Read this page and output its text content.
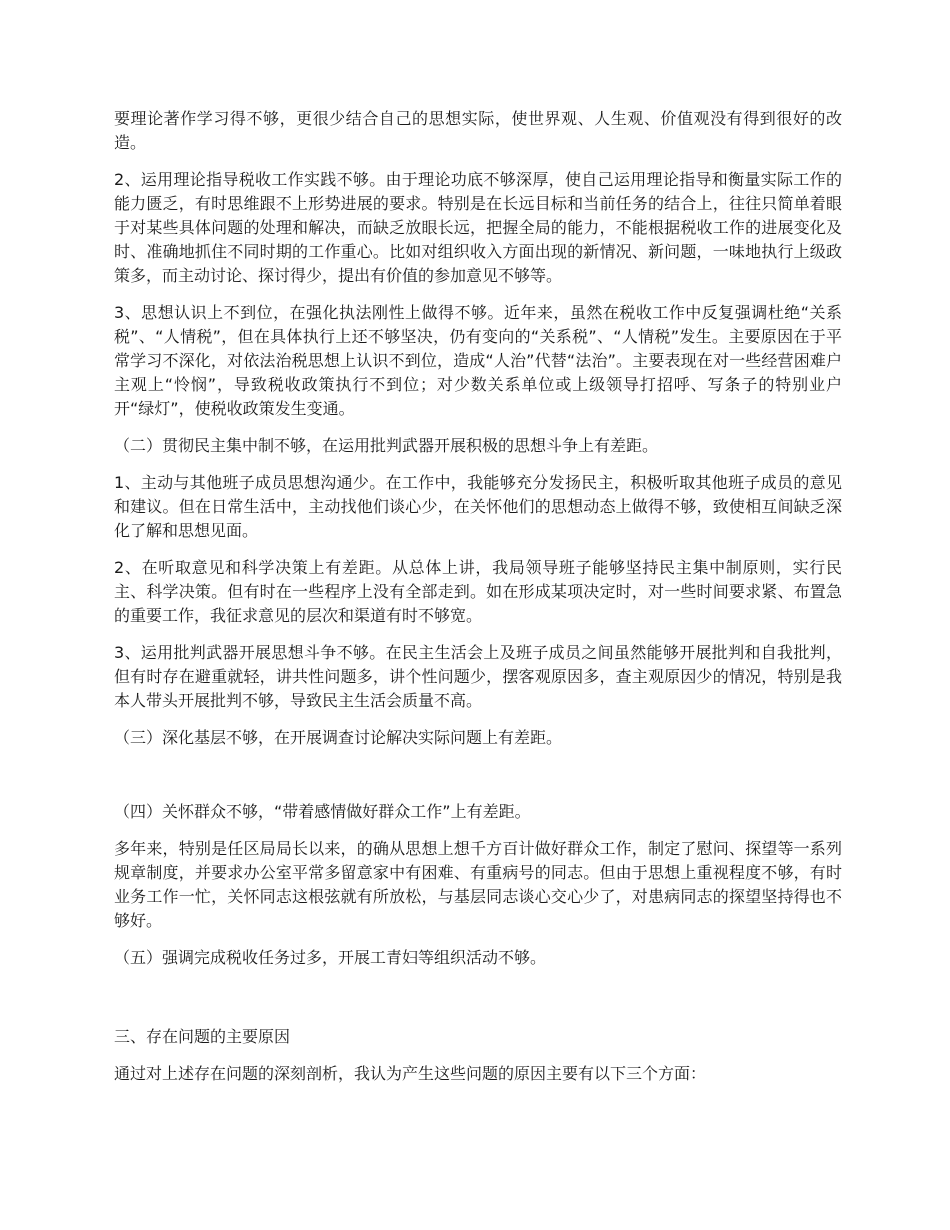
要理论著作学习得不够，更很少结合自己的思想实际，使世界观、人生观、价值观没有得到很好的改造。

2、运用理论指导税收工作实践不够。由于理论功底不够深厚，使自己运用理论指导和衡量实际工作的能力匮乏，有时思维跟不上形势进展的要求。特别是在长远目标和当前任务的结合上，往往只简单着眼于对某些具体问题的处理和解决，而缺乏放眼长远，把握全局的能力，不能根据税收工作的进展变化及时、准确地抓住不同时期的工作重心。比如对组织收入方面出现的新情况、新问题，一味地执行上级政策多，而主动讨论、探讨得少，提出有价值的参加意见不够等。

3、思想认识上不到位，在强化执法刚性上做得不够。近年来，虽然在税收工作中反复强调杜绝“关系税”、“人情税”，但在具体执行上还不够坚决，仍有变向的“关系税”、“人情税”发生。主要原因在于平常学习不深化，对依法治税思想上认识不到位，造成“人治”代替“法治”。主要表现在对一些经营困难户主观上“怜悯”，导致税收政策执行不到位；对少数关系单位或上级领导打招呼、写条子的特别业户开“绿灯”，使税收政策发生变通。

（二）贯彻民主集中制不够，在运用批判武器开展积极的思想斗争上有差距。

1、主动与其他班子成员思想沟通少。在工作中，我能够充分发扬民主，积极听取其他班子成员的意见和建议。但在日常生活中，主动找他们谈心少，在关怀他们的思想动态上做得不够，致使相互间缺乏深化了解和思想见面。

2、在听取意见和科学决策上有差距。从总体上讲，我局领导班子能够坚持民主集中制原则，实行民主、科学决策。但有时在一些程序上没有全部走到。如在形成某项决定时，对一些时间要求紧、布置急的重要工作，我征求意见的层次和渠道有时不够宽。

3、运用批判武器开展思想斗争不够。在民主生活会上及班子成员之间虽然能够开展批判和自我批判，但有时存在避重就轻，讲共性问题多，讲个性问题少，摆客观原因多，查主观原因少的情况，特别是我本人带头开展批判不够，导致民主生活会质量不高。

（三）深化基层不够，在开展调查讨论解决实际问题上有差距。

（四）关怀群众不够，“带着感情做好群众工作”上有差距。

多年来，特别是任区局局长以来，的确从思想上想千方百计做好群众工作，制定了慰问、探望等一系列规章制度，并要求办公室平常多留意家中有困难、有重病号的同志。但由于思想上重视程度不够，有时业务工作一忙，关怀同志这根弦就有所放松，与基层同志谈心交心少了，对患病同志的探望坚持得也不够好。

（五）强调完成税收任务过多，开展工青妇等组织活动不够。

三、存在问题的主要原因

通过对上述存在问题的深刻剖析，我认为产生这些问题的原因主要有以下三个方面：
